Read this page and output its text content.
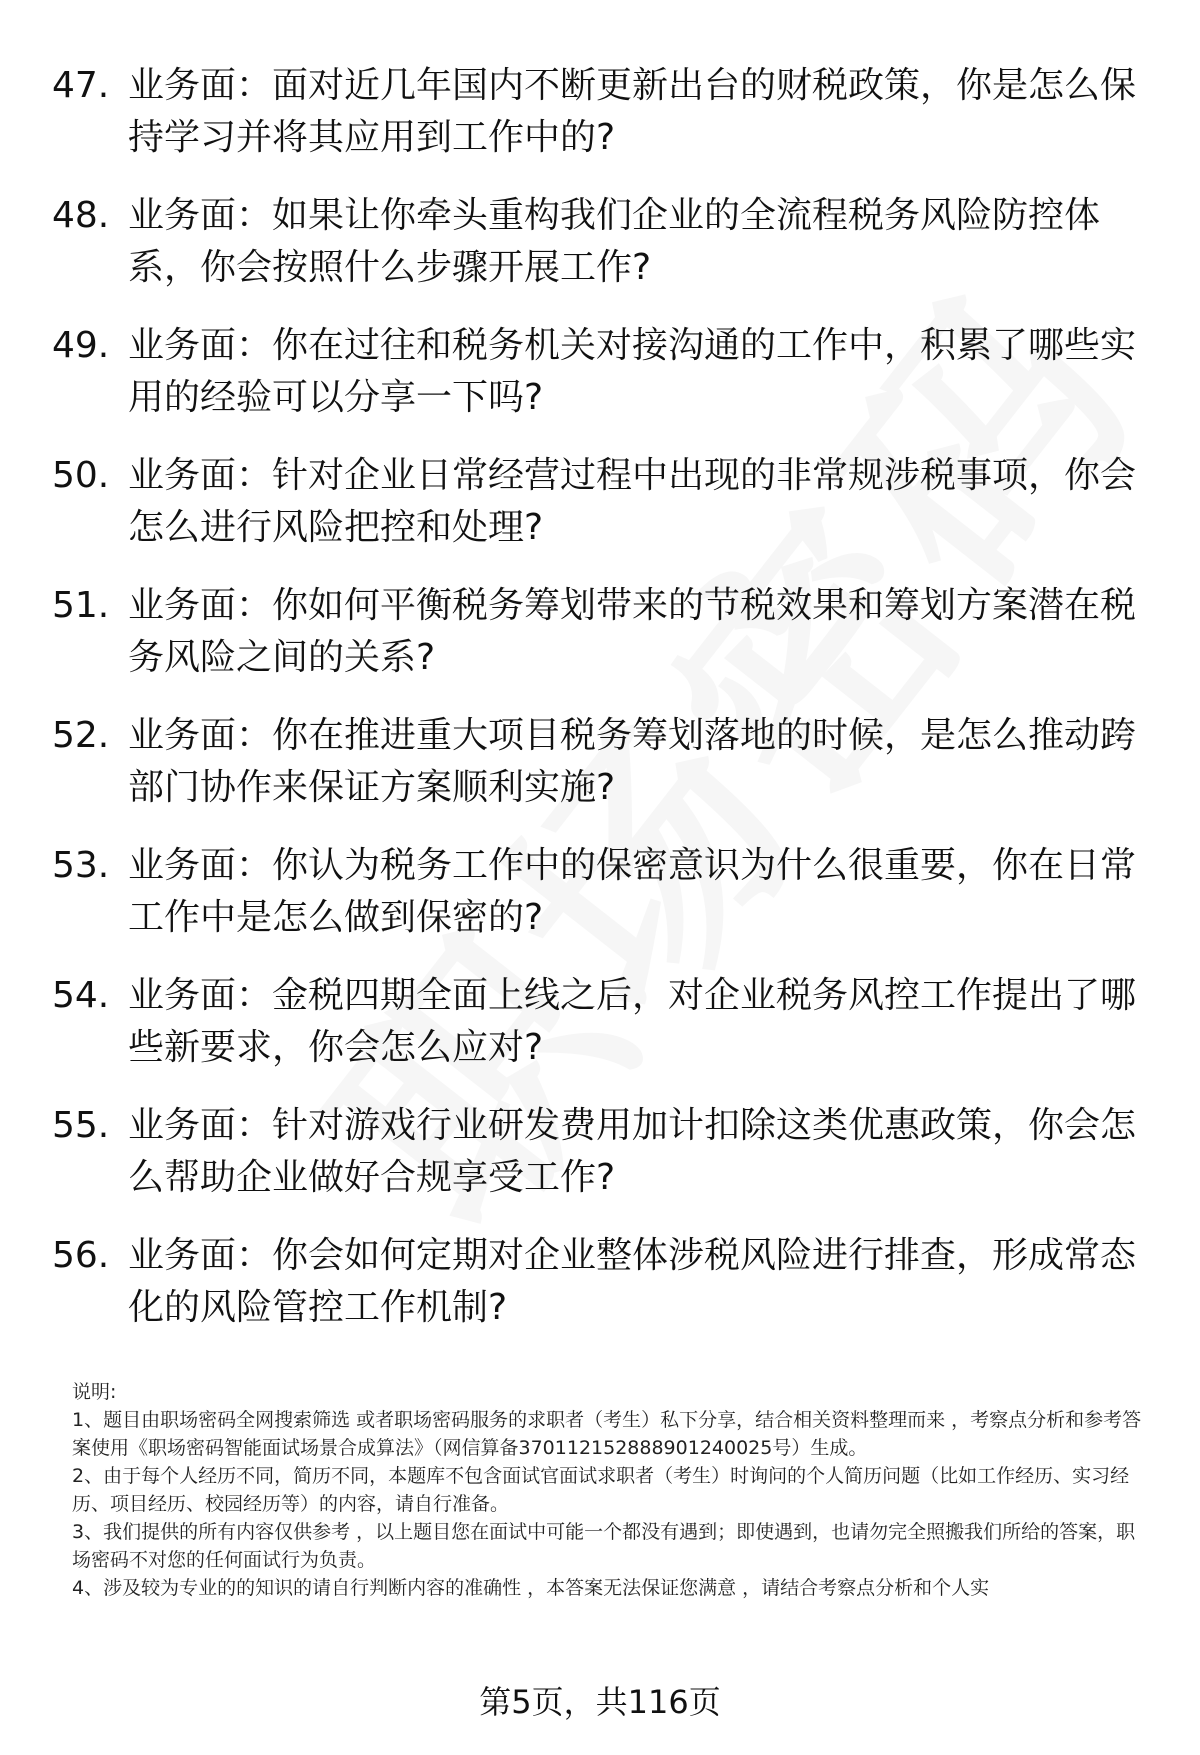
47. 业务面：面对近几年国内不断更新出台的财税政策，你是怎么保持学习并将其应用到工作中的?
48. 业务面：如果让你牵头重构我们企业的全流程税务风险防控体系，你会按照什么步骤开展工作?
49. 业务面：你在过往和税务机关对接沟通的工作中，积累了哪些实用的经验可以分享一下吗?
50. 业务面：针对企业日常经营过程中出现的非常规涉税事项，你会怎么进行风险把控和处理?
51. 业务面：你如何平衡税务筹划带来的节税效果和筹划方案潜在税务风险之间的关系?
52. 业务面：你在推进重大项目税务筹划落地的时候，是怎么推动跨部门协作来保证方案顺利实施?
53. 业务面：你认为税务工作中的保密意识为什么很重要，你在日常工作中是怎么做到保密的?
54. 业务面：金税四期全面上线之后，对企业税务风控工作提出了哪些新要求，你会怎么应对?
55. 业务面：针对游戏行业研发费用加计扣除这类优惠政策，你会怎么帮助企业做好合规享受工作?
56. 业务面：你会如何定期对企业整体涉税风险进行排查，形成常态化的风险管控工作机制?

说明:

1、题目由职场密码全网搜索筛选 或者职场密码服务的求职者（考生）私下分享，结合相关资料整理而来 ，考察点分析和参考答案使用《职场密码智能面试场景合成算法》（网信算备370112152888901240025号）生成。

2、由于每个人经历不同，简历不同，本题库不包含面试官面试求职者（考生）时询问的个人简历问题（比如工作经历、实习经历、项目经历、校园经历等）的内容，请自行准备。

3、我们提供的所有内容仅供参考 ，以上题目您在面试中可能一个都没有遇到；即使遇到，也请勿完全照搬我们所给的答案，职场密码不对您的任何面试行为负责。

4、涉及较为专业的的知识的请自行判断内容的准确性 ，本答案无法保证您满意 ，请结合考察点分析和个人实

第5页，共116页
